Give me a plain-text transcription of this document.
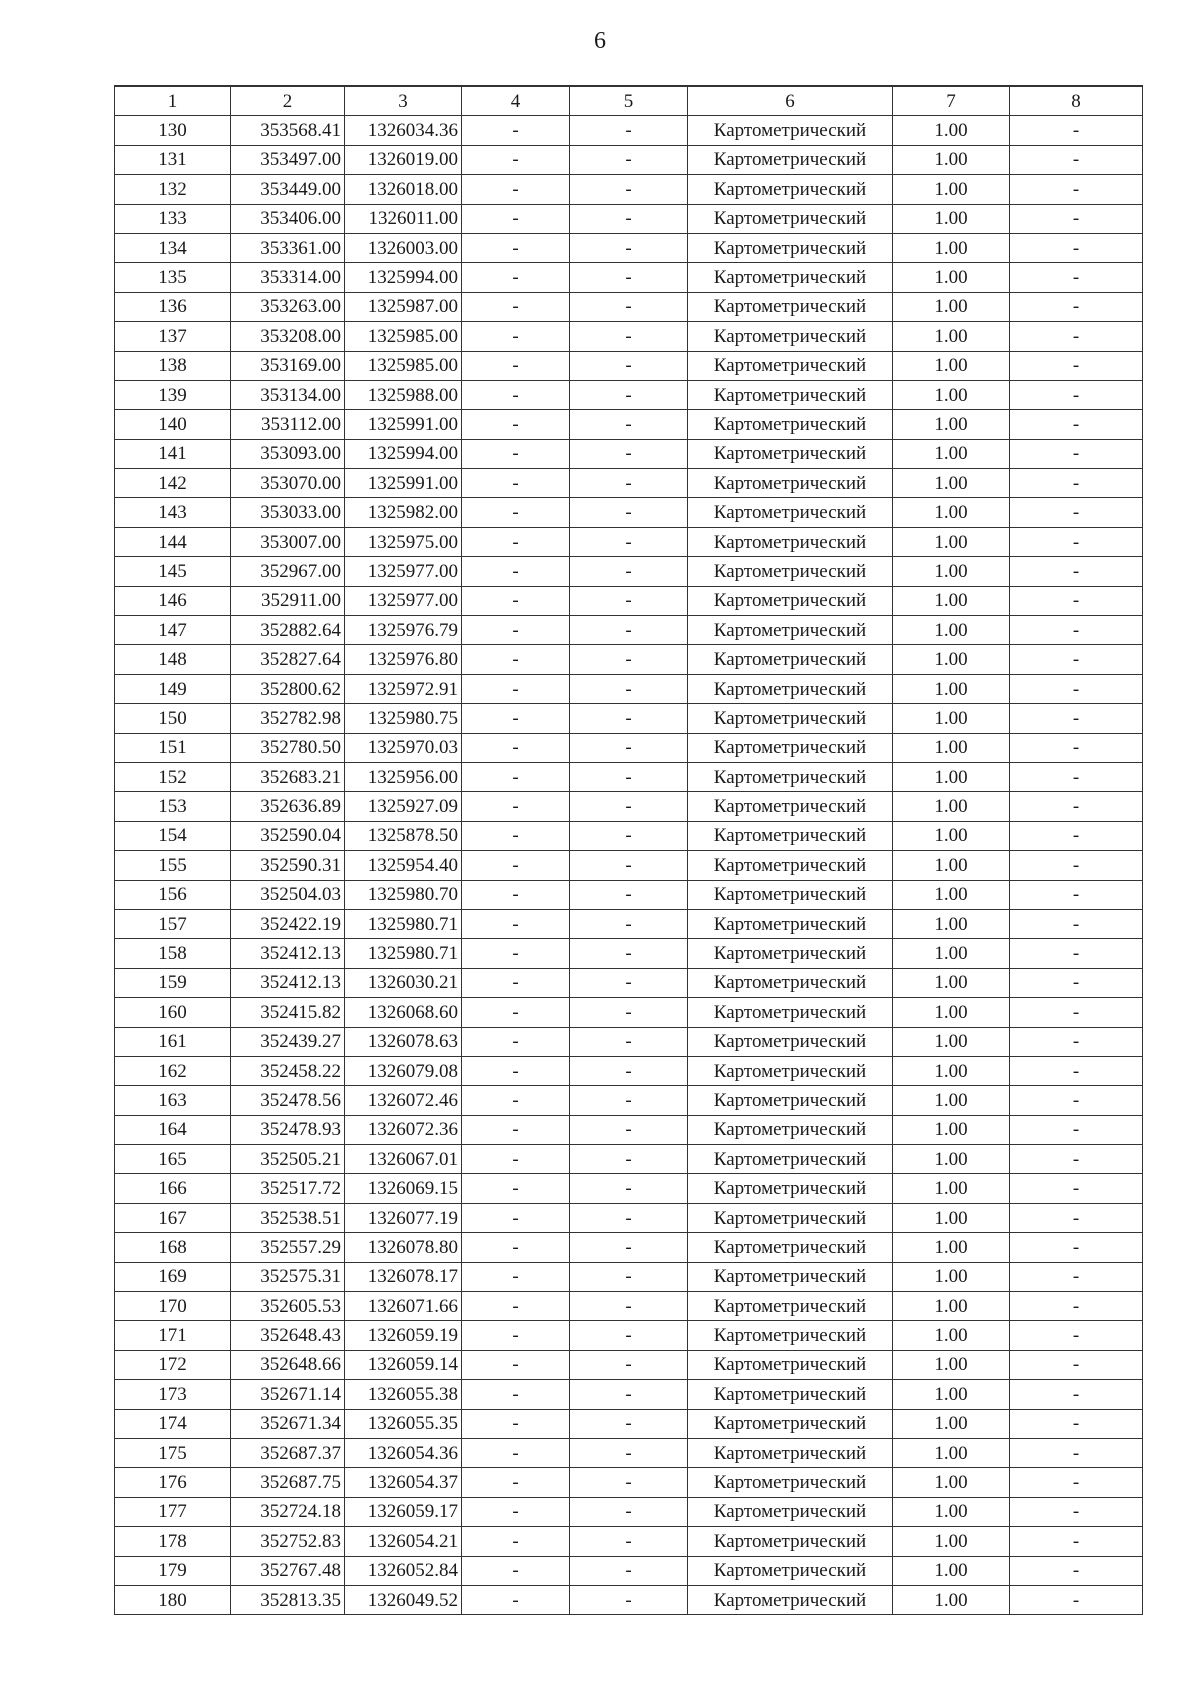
6
1	2	3	4	5	6	7	8
130	353568.41	1326034.36	-	-	Картометрический	1.00	-
131	353497.00	1326019.00	-	-	Картометрический	1.00	-
132	353449.00	1326018.00	-	-	Картометрический	1.00	-
133	353406.00	1326011.00	-	-	Картометрический	1.00	-
134	353361.00	1326003.00	-	-	Картометрический	1.00	-
135	353314.00	1325994.00	-	-	Картометрический	1.00	-
136	353263.00	1325987.00	-	-	Картометрический	1.00	-
137	353208.00	1325985.00	-	-	Картометрический	1.00	-
138	353169.00	1325985.00	-	-	Картометрический	1.00	-
139	353134.00	1325988.00	-	-	Картометрический	1.00	-
140	353112.00	1325991.00	-	-	Картометрический	1.00	-
141	353093.00	1325994.00	-	-	Картометрический	1.00	-
142	353070.00	1325991.00	-	-	Картометрический	1.00	-
143	353033.00	1325982.00	-	-	Картометрический	1.00	-
144	353007.00	1325975.00	-	-	Картометрический	1.00	-
145	352967.00	1325977.00	-	-	Картометрический	1.00	-
146	352911.00	1325977.00	-	-	Картометрический	1.00	-
147	352882.64	1325976.79	-	-	Картометрический	1.00	-
148	352827.64	1325976.80	-	-	Картометрический	1.00	-
149	352800.62	1325972.91	-	-	Картометрический	1.00	-
150	352782.98	1325980.75	-	-	Картометрический	1.00	-
151	352780.50	1325970.03	-	-	Картометрический	1.00	-
152	352683.21	1325956.00	-	-	Картометрический	1.00	-
153	352636.89	1325927.09	-	-	Картометрический	1.00	-
154	352590.04	1325878.50	-	-	Картометрический	1.00	-
155	352590.31	1325954.40	-	-	Картометрический	1.00	-
156	352504.03	1325980.70	-	-	Картометрический	1.00	-
157	352422.19	1325980.71	-	-	Картометрический	1.00	-
158	352412.13	1325980.71	-	-	Картометрический	1.00	-
159	352412.13	1326030.21	-	-	Картометрический	1.00	-
160	352415.82	1326068.60	-	-	Картометрический	1.00	-
161	352439.27	1326078.63	-	-	Картометрический	1.00	-
162	352458.22	1326079.08	-	-	Картометрический	1.00	-
163	352478.56	1326072.46	-	-	Картометрический	1.00	-
164	352478.93	1326072.36	-	-	Картометрический	1.00	-
165	352505.21	1326067.01	-	-	Картометрический	1.00	-
166	352517.72	1326069.15	-	-	Картометрический	1.00	-
167	352538.51	1326077.19	-	-	Картометрический	1.00	-
168	352557.29	1326078.80	-	-	Картометрический	1.00	-
169	352575.31	1326078.17	-	-	Картометрический	1.00	-
170	352605.53	1326071.66	-	-	Картометрический	1.00	-
171	352648.43	1326059.19	-	-	Картометрический	1.00	-
172	352648.66	1326059.14	-	-	Картометрический	1.00	-
173	352671.14	1326055.38	-	-	Картометрический	1.00	-
174	352671.34	1326055.35	-	-	Картометрический	1.00	-
175	352687.37	1326054.36	-	-	Картометрический	1.00	-
176	352687.75	1326054.37	-	-	Картометрический	1.00	-
177	352724.18	1326059.17	-	-	Картометрический	1.00	-
178	352752.83	1326054.21	-	-	Картометрический	1.00	-
179	352767.48	1326052.84	-	-	Картометрический	1.00	-
180	352813.35	1326049.52	-	-	Картометрический	1.00	-
